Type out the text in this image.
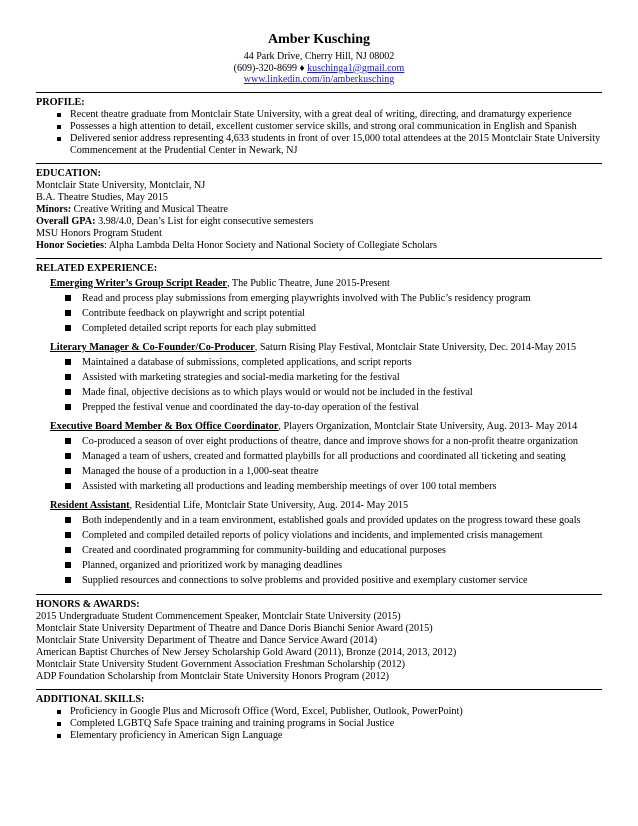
Amber Kusching
44 Park Drive, Cherry Hill, NJ 08002
(609)-320-8699 ♦ kuschinga1@gmail.com
www.linkedin.com/in/amberkusching
PROFILE:
Recent theatre graduate from Montclair State University, with a great deal of writing, directing, and dramaturgy experience
Possesses a high attention to detail, excellent customer service skills, and strong oral communication in English and Spanish
Delivered senior address representing 4,633 students in front of over 15,000 total attendees at the 2015 Montclair State University Commencement at the Prudential Center in Newark, NJ
EDUCATION:
Montclair State University, Montclair, NJ
B.A. Theatre Studies, May 2015
Minors: Creative Writing and Musical Theatre
Overall GPA: 3.98/4.0, Dean’s List for eight consecutive semesters
MSU Honors Program Student
Honor Societies: Alpha Lambda Delta Honor Society and National Society of Collegiate Scholars
RELATED EXPERIENCE:
Emerging Writer’s Group Script Reader, The Public Theatre, June 2015-Present
Read and process play submissions from emerging playwrights involved with The Public’s residency program
Contribute feedback on playwright and script potential
Completed detailed script reports for each play submitted
Literary Manager & Co-Founder/Co-Producer, Saturn Rising Play Festival, Montclair State University, Dec. 2014-May 2015
Maintained a database of submissions, completed applications, and script reports
Assisted with marketing strategies and social-media marketing for the festival
Made final, objective decisions as to which plays would or would not be included in the festival
Prepped the festival venue and coordinated the day-to-day operation of the festival
Executive Board Member & Box Office Coordinator, Players Organization, Montclair State University, Aug. 2013- May 2014
Co-produced a season of over eight productions of theatre, dance and improve shows for a non-profit theatre organization
Managed a team of ushers, created and formatted playbills for all productions and coordinated all ticketing and seating
Managed the house of a production in a 1,000-seat theatre
Assisted with marketing all productions and leading membership meetings of over 100 total members
Resident Assistant, Residential Life, Montclair State University, Aug. 2014- May 2015
Both independently and in a team environment, established goals and provided updates on the progress toward these goals
Completed and compiled detailed reports of policy violations and incidents, and implemented crisis management
Created and coordinated programming for community-building and educational purposes
Planned, organized and prioritized work by managing deadlines
Supplied resources and connections to solve problems and provided positive and exemplary customer service
HONORS & AWARDS:
2015 Undergraduate Student Commencement Speaker, Montclair State University (2015)
Montclair State University Department of Theatre and Dance Doris Bianchi Senior Award (2015)
Montclair State University Department of Theatre and Dance Service Award (2014)
American Baptist Churches of New Jersey Scholarship Gold Award (2011), Bronze (2014, 2013, 2012)
Montclair State University Student Government Association Freshman Scholarship (2012)
ADP Foundation Scholarship from Montclair State University Honors Program (2012)
ADDITIONAL SKILLS:
Proficiency in Google Plus and Microsoft Office (Word, Excel, Publisher, Outlook, PowerPoint)
Completed LGBTQ Safe Space training and training programs in Social Justice
Elementary proficiency in American Sign Language
